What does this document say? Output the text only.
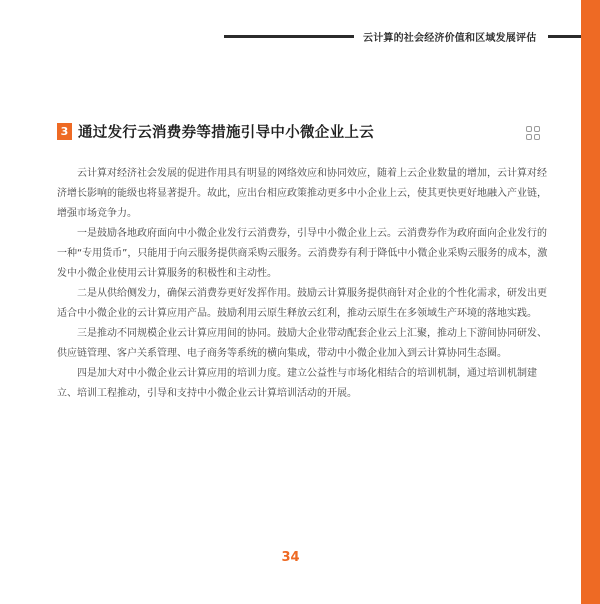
云计算的社会经济价值和区域发展评估
3 通过发行云消费券等措施引导中小微企业上云

云计算对经济社会发展的促进作用具有明显的网络效应和协同效应，随着上云企业数量的增加，云计算对经济增长影响的能级也将显著提升。故此，应出台相应政策推动更多中小企业上云，使其更快更好地融入产业链，增强市场竞争力。

一是鼓励各地政府面向中小微企业发行云消费券，引导中小微企业上云。云消费券作为政府面向企业发行的一种“专用货币”，只能用于向云服务提供商采购云服务。云消费券有利于降低中小微企业采购云服务的成本，激发中小微企业使用云计算服务的积极性和主动性。

二是从供给侧发力，确保云消费券更好发挥作用。鼓励云计算服务提供商针对企业的个性化需求，研发出更适合中小微企业的云计算应用产品。鼓励利用云原生释放云红利，推动云原生在多领域生产环境的落地实践。

三是推动不同规模企业云计算应用间的协同。鼓励大企业带动配套企业云上汇聚，推动上下游间协同研发、供应链管理、客户关系管理、电子商务等系统的横向集成，带动中小微企业加入到云计算协同生态圈。

四是加大对中小微企业云计算应用的培训力度。建立公益性与市场化相结合的培训机制，通过培训机制建立、培训工程推动，引导和支持中小微企业云计算培训活动的开展。

34
